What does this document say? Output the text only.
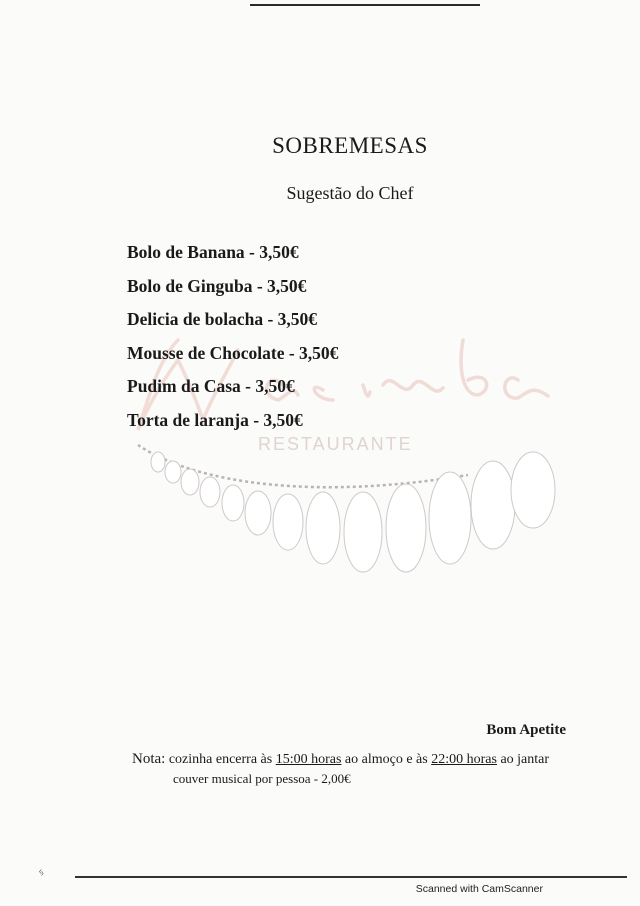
RESTAURANTE
SOBREMESAS
Sugestão do Chef
Bolo de Banana - 3,50€
Bolo de Ginguba - 3,50€
Delicia de bolacha - 3,50€
Mousse de Chocolate - 3,50€
Pudim da Casa - 3,50€
Torta de laranja - 3,50€
Bom Apetite
Nota: cozinha encerra às 15:00 horas ao almoço e às 22:00 horas ao jantar
couver musical por pessoa - 2,00€
ᛃ
Scanned with CamScanner
